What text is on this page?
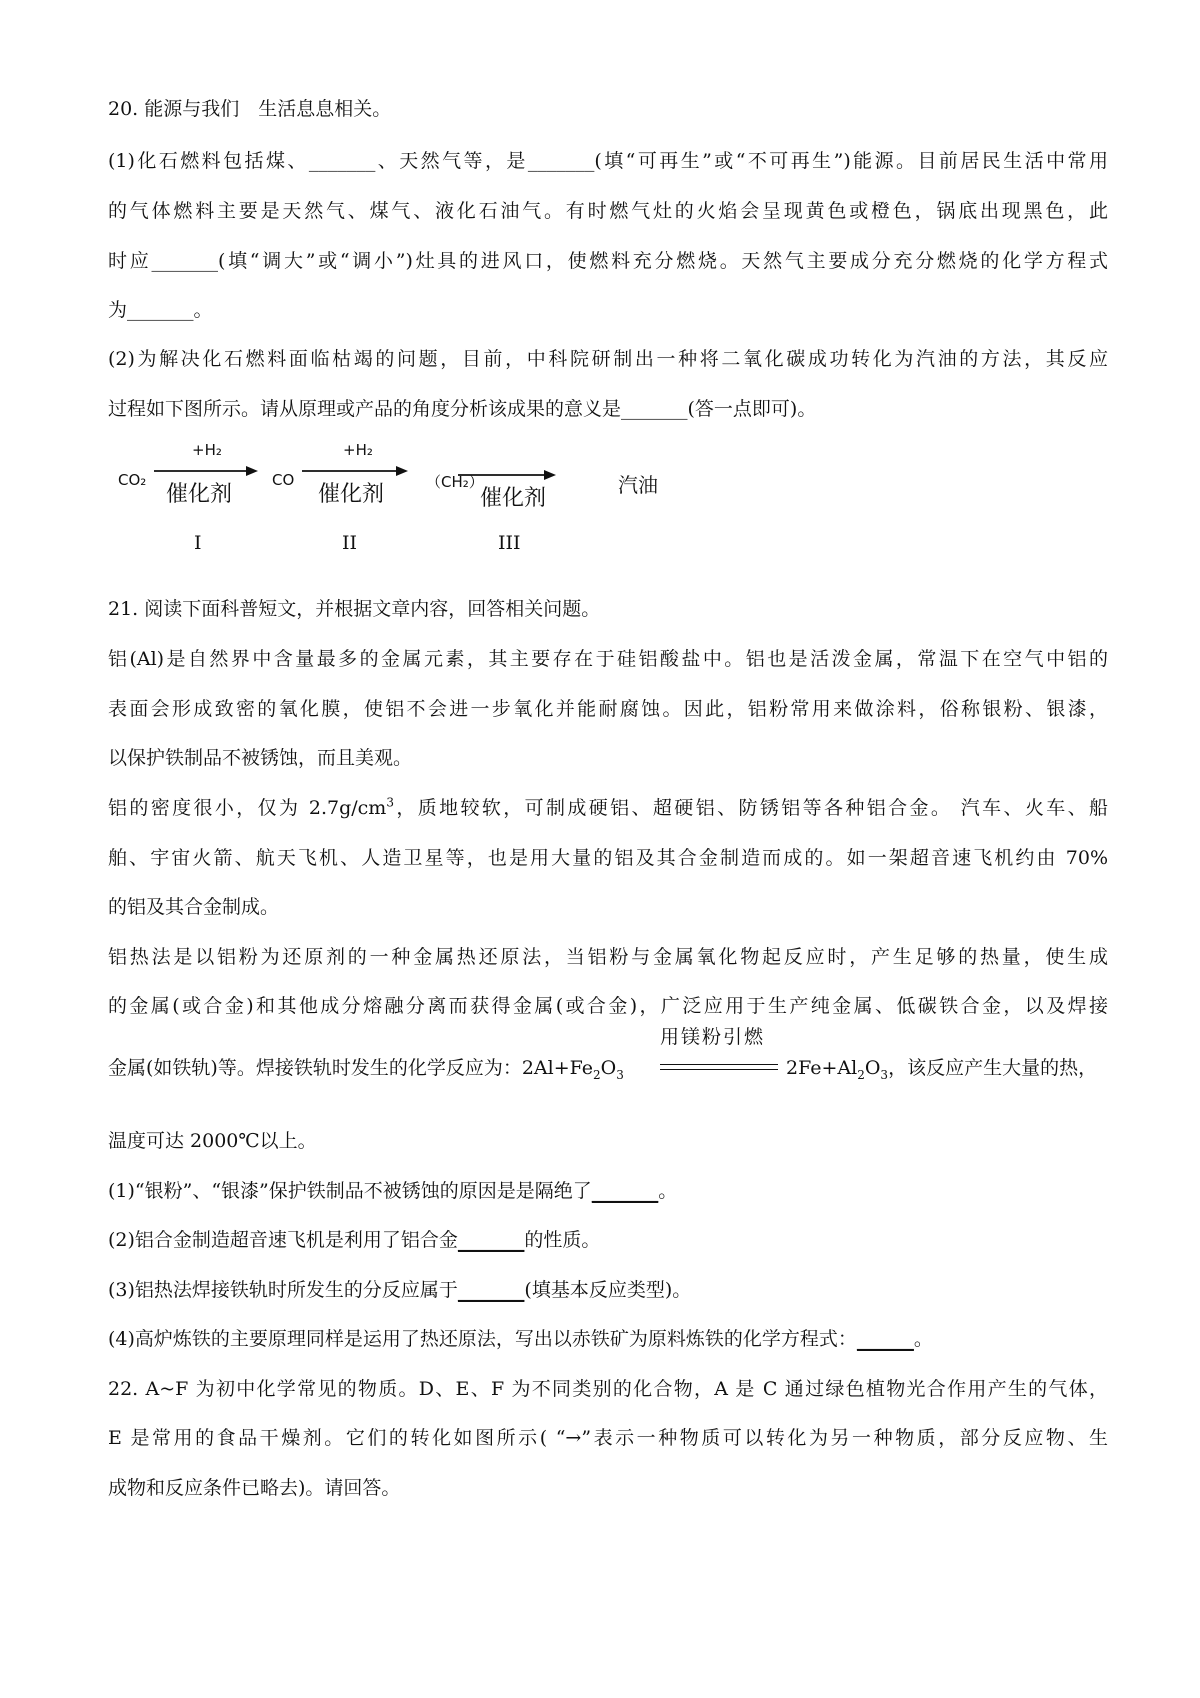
20. 能源与我们　生活息息相关。
(1)化石燃料包括煤、_______、天然气等，是_______(填“可再生”或“不可再生”)能源。目前居民生活中常用
的气体燃料主要是天然气、煤气、液化石油气。有时燃气灶的火焰会呈现黄色或橙色，锅底出现黑色，此
时应_______(填“调大”或“调小”)灶具的进风口，使燃料充分燃烧。天然气主要成分充分燃烧的化学方程式
为_______。
(2)为解决化石燃料面临枯竭的问题，目前，中科院研制出一种将二氧化碳成功转化为汽油的方法，其反应
过程如下图所示。请从原理或产品的角度分析该成果的意义是_______(答一点即可)。
CO₂
+H₂
催化剂
CO
+H₂
催化剂	（CH₂）
催化剂
汽油
I	II	III
21. 阅读下面科普短文，并根据文章内容，回答相关问题。
铝(Al)是自然界中含量最多的金属元素，其主要存在于硅铝酸盐中。铝也是活泼金属，常温下在空气中铝的
表面会形成致密的氧化膜，使铝不会进一步氧化并能耐腐蚀。因此，铝粉常用来做涂料，俗称银粉、银漆，
以保护铁制品不被锈蚀，而且美观。
铝的密度很小，仅为 $2.7g/cm^3$，质地较软，可制成硬铝、超硬铝、防锈铝等各种铝合金。 汽车、火车、船
舶、宇宙火箭、航天飞机、人造卫星等，也是用大量的铝及其合金制造而成的。如一架超音速飞机约由 70%
的铝及其合金制成。
铝热法是以铝粉为还原剂的一种金属热还原法，当铝粉与金属氧化物起反应时，产生足够的热量，使生成
的金属(或合金)和其他成分熔融分离而获得金属(或合金)，广泛应用于生产纯金属、低碳铁合金，以及焊接
金属(如铁轨)等。焊接铁轨时发生的化学反应为：$2Al+Fe_2O_3$
用镁粉引燃
$2Fe+Al_2O_3$，该反应产生大量的热，
温度可达 2000℃以上。
(1)“银粉”、“银漆”保护铁制品不被锈蚀的原因是是隔绝了_______。
(2)铝合金制造超音速飞机是利用了铝合金_______的性质。
(3)铝热法焊接铁轨时所发生的分反应属于_______(填基本反应类型)。
(4)高炉炼铁的主要原理同样是运用了热还原法，写出以赤铁矿为原料炼铁的化学方程式：______。
22. A~F 为初中化学常见的物质。D、E、F 为不同类别的化合物，A 是 C 通过绿色植物光合作用产生的气体，
E 是常用的食品干燥剂。它们的转化如图所示( “→”表示一种物质可以转化为另一种物质，部分反应物、生
成物和反应条件已略去)。请回答。
